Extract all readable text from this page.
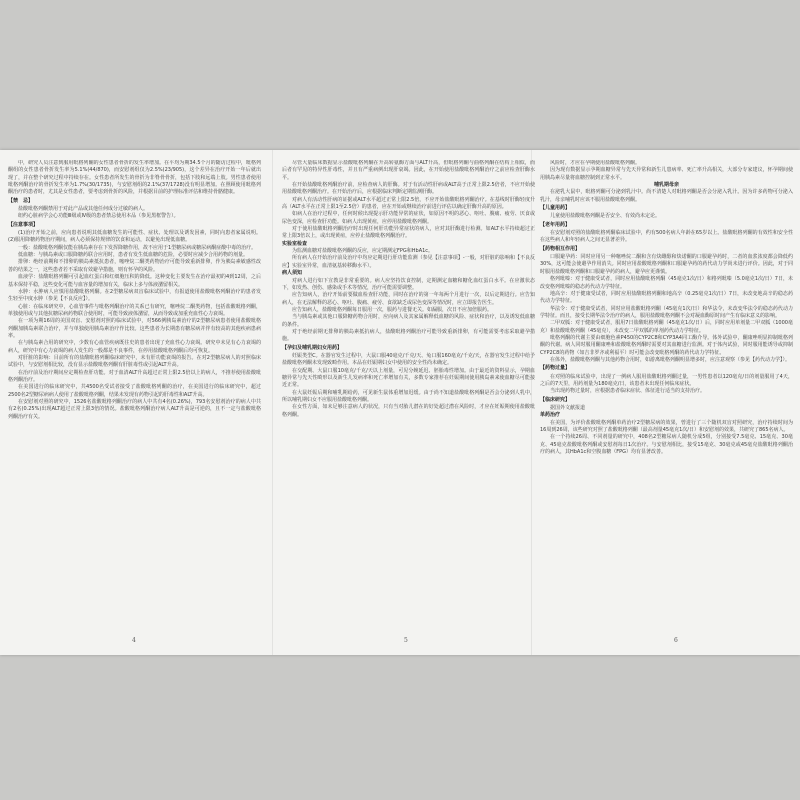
中，研究人员注意到服用吡格列酮的女性患者骨折的发生率增加。在平均为期34.5个月的随访过程中，吡格列酮组的女性患者骨折发生率为5.1%(44/870)，而安慰剂组仅为2.5%(23/905)，这个差异在治疗开始一年后就出现了，并在整个研究过程中持续存在。女性患者所发生的骨折为非脊骨骨折，包括下肢和远端上肢。男性患者使用吡格列酮治疗的骨折发生率为1.7%(30/1735)，与安慰剂组的2.1%(37/1728)没有明显增加。在照顾使用吡格列酮治疗的患者时，尤其是女性患者，要考虑到骨折的风险，并根据目前的护理标准评估和维持骨骼健康。

【禁　忌】

盐酸吡格列酮禁用于对此产品或其他任何成分过敏的病人。

纽约心脏病学会心功能Ⅲ级或Ⅳ级的患者禁忌使用本品（参见黑框警告）。

【注意事项】

(1)治疗开始之前，应向患者说明其低血糖发生的可能性、症状、处理以及诱发因素，同时向患者家属说明。(2)服用降糖药物治疗期间，病人必须保持规律的饮食和运动，以避免出现低血糖。

一般：盐酸吡格列酮仅能在胰岛素存在下发挥降糖作用，故不应用于1型糖尿病或糖尿病酮症酸中毒的治疗。

低血糖：与胰岛素或口服降糖药联合应用时，患者有发生低血糖的危险，必要时应减少合用药物的剂量。

排卵：绝经前期和不排卵的胰岛素抵抗患者，噻唑烷二酮类药物治疗可能导致重新排卵，作为胰岛素敏感性改善的结果之一，这些患者若不采取有效避孕措施，则有怀孕的风险。

血液学：盐酸吡格列酮可引起血红蛋白和红细胞压积的降低。这种变化主要发生在治疗最初的4到12周，之后基本保持平稳，这些变化可能与血容量的增加有关，临床上多与体液潴留相关。

水肿：水肿病人应慎用盐酸吡格列酮。在2型糖尿病双盲临床试验中，有报道使用盐酸吡格列酮治疗的患者发生轻至中度水肿（参见【不良反应】）。

心脏：在临床研究中，心血管事件与吡格列酮治疗的关系已有研究，噻唑烷二酮类药物，包括盐酸吡格列酮，单独使用或与其他抗糖尿病药物联合使用时，可能导致液体潴留，从而导致或加重充血性心力衰竭。

在一项为期16周的美国双盲、安慰剂对照的临床试验中，对566例胰岛素治疗的2型糖尿病患者使用盐酸吡格列酮加胰岛素联合治疗，并与单独使用胰岛素治疗作比较。这些患者为长期患有糖尿病并伴有较高的其他疾病患病率。

在与胰岛素合用的研究中，少数有心血管疾病既往史的患者出现了充血性心力衰竭。研究中未见有心力衰竭的病人，研究中有心力衰竭的病人发生的一般都是不良事件，在停用盐酸吡格列酮后均可恢复。

对肝脏的影响：目前所有的盐酸吡格列酮临床研究中，未有肝功能衰竭的报告。在对2型糖尿病人的对照临床试验中，与安慰剂相比较，没有显示盐酸吡格列酮有肝脏毒性或引起ALT升高。

在治疗前及治疗期间应定期检查肝功能。对于血清ALT升高超过正常上限2.5倍以上的病人，不推荐使用盐酸吡格列酮治疗。

在美国进行的临床研究中，共4500名受试者接受了盐酸吡格列酮的治疗，在美国进行的临床研究中，超过2500名2型糖尿病病人使用了盐酸吡格列酮，结果未发现有药物引起的肝毒性和ALT升高。

在安慰剂对照的研究中，1526名盐酸吡格列酮治疗的病人中共有4名(0.26%)，793名安慰剂治疗的病人中共有2名(0.25%)出现ALT超过正常上限3倍的情况。盐酸吡格列酮治疗病人ALT升高是可逆的，且不一定与盐酸吡格列酮治疗有关。

尽管大量临床数据显示盐酸吡格列酮在升高转氨酶方面与ALT升高，但吡格列酮与曲格列酮在结构上相似，而后者有罕见的特异性肝毒性，并且有严重病例出现肝衰竭。因此，在开始使用盐酸吡格列酮治疗之前应检查肝酶水平。

在开始盐酸吡格列酮治疗前，应检查病人的肝酶。对于有活动性肝病或ALT高于正常上限2.5倍者，不应开始使用盐酸吡格列酮治疗。在开始治疗后，应根据临床判断定期监测肝酶。

对病人有活动性肝病的证据或ALT水平超过正常上限2.5倍，不应开始盐酸吡格列酮治疗。在基线时肝酶轻度升高（ALT水平在正常上限1至2.5倍）的患者，应在开始或继续治疗前进行评估以确定肝酶升高的原因。

如病人在治疗过程中，任何时候出现提示肝功能异常的症状，如原因不明的恶心、呕吐、腹痛、疲劳、厌食或尿色变深，应检查肝功能。如病人出现黄疸，应停用盐酸吡格列酮。

对于使用盐酸吡格列酮治疗时出现任何肝功能异常症状的病人，应对其肝酶进行检测。如ALT水平持续超过正常上限3倍以上，或出现黄疸，应停止盐酸吡格列酮治疗。

实验室检查

为监测血糖对盐酸吡格列酮的反应，应定期测定FPG和HbA1c。

所有病人在开始治疗前及治疗中均应定期进行肝功能监测（参见【注意事项】-一般，对肝脏的影响和【不良反应】实验室异常，血清氨基转移酶水平）。

病人须知

对病人进行如下宣教是非常重要的。病人应坚持饮食控制，定期测定血糖和糖化血红蛋白水平。在应激状态下，如发热、创伤、感染或手术等情况，治疗可能需要调整。

应告知病人，治疗开始前要做血检查肝功能，同时在治疗的第一年每两个月进行一次，以后定期进行。应告知病人，在无法解释的恶心、呕吐、腹痛、疲劳、食欲缺乏或尿色变深等情况时，应立即报告医生。

应告知病人，盐酸吡格列酮每日服用一次，服药与进餐无关。如漏服，次日不应加倍服药。

当与胰岛素或其他口服降糖药物合用时，应向病人及其家属解释低血糖的风险、症状和治疗，以及诱发低血糖的条件。

对于绝经前期无排卵的胰岛素抵抗病人，盐酸吡格列酮治疗可能导致重新排卵，有可能需要考虑采取避孕措施。

【孕妇及哺乳期妇女用药】

妊娠类型C。在器官发生过程中，大鼠口服40毫克/千克/天、兔口服160毫克/千克/天，在器官发生过程中给予盐酸吡格列酮未发现致畸作用。本品在妊娠期妇女中使用的安全性尚未确定。

在交配期、大鼠口服10毫克/千克/天以上剂量，可见分娩延迟、胚胎毒性增加。由于最近的资料显示，孕期血糖异常与先天性畸形以及新生儿发病率和死亡率增加有关，多数专家推荐在妊娠期间使用胰岛素来使血糖尽可能接近正常。

在大鼠妊娠后期和哺乳期给药，可见新生鼠体重增加迟缓。由于尚不知道盐酸吡格列酮是否会分泌到人乳中，所以哺乳期妇女不应服用盐酸吡格列酮。

在女性方面，如未足够注意病人的状况，只有当对胎儿潜在的好处超过潜在风险时，才应在妊娠期使用盐酸吡格列酮。

风险时，才应在孕期使用盐酸吡格列酮。

因为现有数据显示孕期血糖异常与先天异常和新生儿患病率、死亡率升高相关，大部分专家建议，怀孕期间使用胰岛素尽量将血糖控制到正常水平。

哺乳期母亲

在泌乳大鼠中，吡格列酮可分泌到乳汁中。尚不清楚人对吡格列酮是否会分泌入乳汁。因为许多药物可分泌入乳汁，母亲哺乳时应该不服用盐酸吡格列酮。

【儿童用药】

儿童使用盐酸吡格列酮是否安全、有效尚未定论。

【老年用药】

在安慰剂对照的盐酸吡格列酮临床试验中，约有500名病人年龄在65岁以上。盐酸吡格列酮的有效性和安全性在这些病人和年轻病人之间无显著差异。

【药物相互作用】

口服避孕药：同时应用另一种噻唑烷二酮和含有炔雌醇和炔诺酮的口服避孕药时，二者的血浆浓度都会降低约30%，这可能会使避孕作用消失。同时应用盐酸吡格列酮和口服避孕药的药代动力学尚未进行评价。因此，对于同时服用盐酸吡格列酮和口服避孕药的病人，避孕应更谨慎。

格列吡嗪：对于健康受试者，同时应用盐酸吡格列酮（45毫克1次/日）和格列吡嗪（5.0毫克1次/日）7日，未改变格列吡嗪的稳态药代动力学特征。

地高辛：对于健康受试者，同时应用盐酸吡格列酮和地高辛（0.25毫克1次/日）7日，未改变地高辛的稳态药代动力学特征。

华法令：对于健康受试者，同时应用盐酸吡格列酮（45毫克1次/日）和华法令，未改变华法令的稳态药代动力学特征。而且，接受长期华法令治疗的病人，服用盐酸吡格列酮不会对凝血酶原时间产生有临床意义的影响。

二甲双胍：对于健康受试者，服用7日盐酸吡格列酮（45毫克1次/日）后，同时应用单剂量二甲双胍（1000毫克）和盐酸吡格列酮（45毫克），未改变二甲双胍的单剂药代动力学特征。

吡格列酮的代谢主要由细胞色素P450的CYP2C8和CYP3A4同工酶介导。体外试验中，酮康唑明显抑制吡格列酮的代谢。病人同时服用酮康唑和盐酸吡格列酮时需要对其血糖进行监测。对于体内试验，同时服用能诱导或抑制CYP2C8的药物（如吉非罗齐或利福平）时可能会改变吡格列酮的药代动力学特征。

在体外，盐酸吡格列酮与其他药物合用时，如游离吡格列酮明显增多时，应注意观察（参见【药代动力学】）。

【药物过量】

在对照的临床试验中，出现了一例病人服用盐酸吡格列酮过量，一男性患者以120毫克/日的剂量服用了4天，之后的7天里，用药剂量为180毫克/日，该患者未出现任何临床症状。

当出现药物过量时，应根据患者临床症状、体征进行适当的支持治疗。

【临床研究】

据国外文献报道

单药治疗

在美国，为评价盐酸吡格列酮单药治疗2型糖尿病的效果，曾进行了三个随机双盲对照研究，治疗持续时间为16周到26周，该些研究对照了盐酸吡格列酮（最高剂量45毫克1次/日）和安慰剂的效果，共研究了865名病人。

在一个持续26周、不同剂量的研究中，408名2型糖尿病人随机分成5组，分别接受7.5毫克、15毫克、30毫克、45毫克盐酸吡格列酮或安慰剂每日1次治疗。与安慰剂相比，接受15毫克、30毫克或45毫克盐酸吡格列酮治疗的病人，其HbA1c和空腹血糖（FPG）均有显著改善。

4	5	6
